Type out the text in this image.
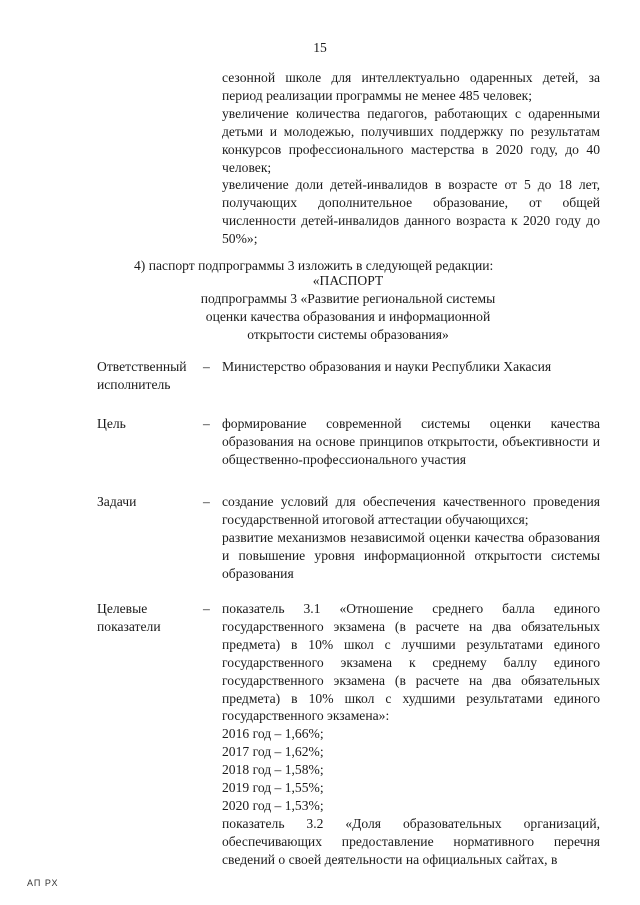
15

сезонной школе для интеллектуально одаренных детей, за период реализации программы не менее 485 человек;

увеличение количества педагогов, работающих с одаренными детьми и молодежью, получивших поддержку по результатам конкурсов профессионального мастерства в 2020 году, до 40 человек;

увеличение доли детей-инвалидов в возрасте от 5 до 18 лет, получающих дополнительное образование, от общей численности детей-инвалидов данного возраста к 2020 году до 50%»;

4) паспорт подпрограммы 3 изложить в следующей редакции:

«ПАСПОРТ

подпрограммы 3 «Развитие региональной системы

оценки качества образования и информационной

открытости системы образования»

Ответственный исполнитель
– Министерство образования и науки Республики Хакасия

Цель	– формирование современной системы оценки качества образования на основе принципов открытости, объективности и общественно-профессионального участия

Задачи	– создание условий для обеспечения качественного проведения государственной итоговой аттестации обучающихся;

развитие механизмов независимой оценки качества образования и повышение уровня информационной открытости системы образования

Целевые показатели
– показатель 3.1 «Отношение среднего балла единого государственного экзамена (в расчете на два обязательных предмета) в 10% школ с лучшими результатами единого государственного экзамена к среднему баллу единого государственного экзамена (в расчете на два обязательных предмета) в 10% школ с худшими результатами единого государственного экзамена»:

2016 год – 1,66%;

2017 год – 1,62%;

2018 год – 1,58%;

2019 год – 1,55%;

2020 год – 1,53%;

показатель 3.2 «Доля образовательных организаций, обеспечивающих предоставление нормативного перечня сведений о своей деятельности на официальных сайтах, в

АП РХ
